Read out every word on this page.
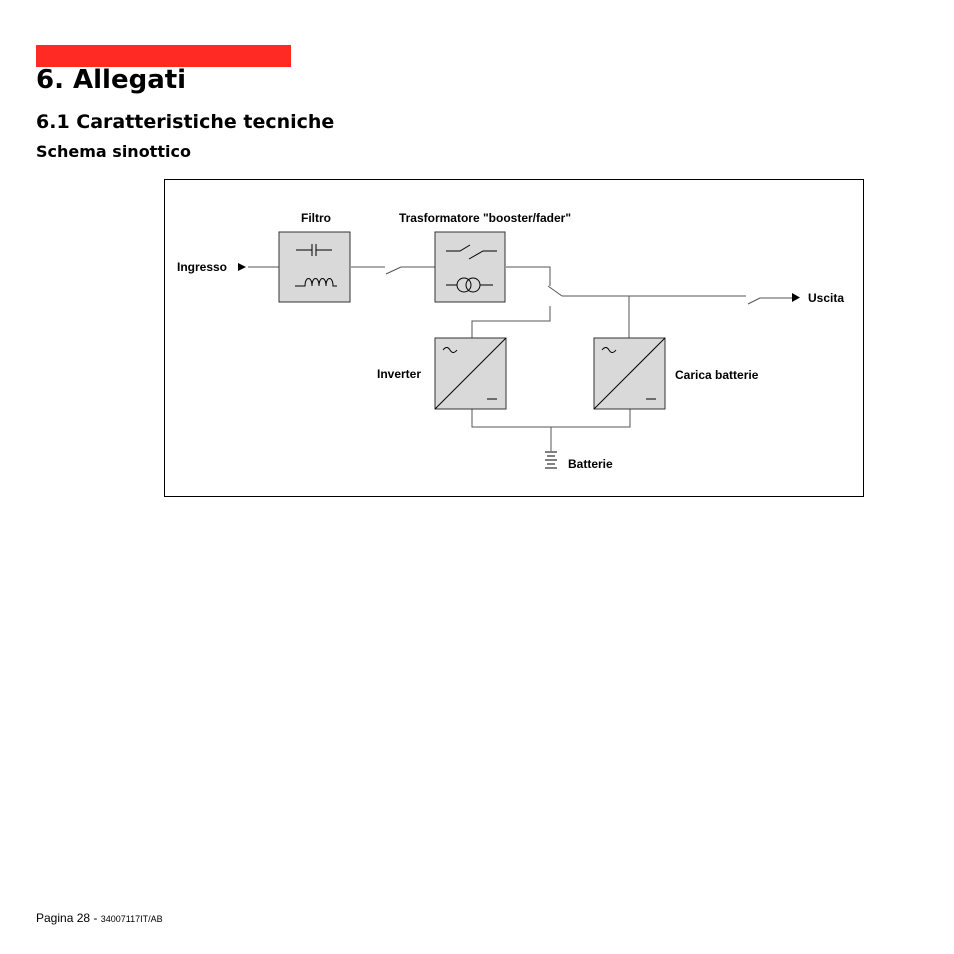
6. Allegati
6.1 Caratteristiche tecniche
Schema sinottico
Filtro	Trasformatore "booster/fader"
Ingresso
Uscita
Inverter	Carica batterie
Batterie
Pagina 28 - 34007117IT/AB
